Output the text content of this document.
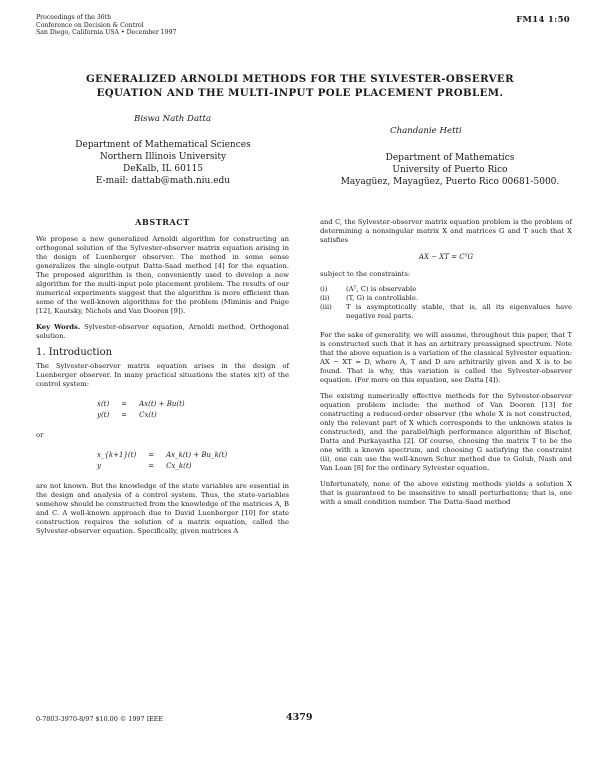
Proceedings of the 36th
Conference on Decision & Control
San Diego, California USA • December 1997
FM14 1:50
GENERALIZED ARNOLDI METHODS FOR THE SYLVESTER-OBSERVER
EQUATION AND THE MULTI-INPUT POLE PLACEMENT PROBLEM.
Biswa Nath Datta
Chandanie Hetti
Department of Mathematical Sciences
Northern Illinois University
DeKalb, IL 60115
E-mail: dattab@math.niu.edu
Department of Mathematics
University of Puerto Rico
Mayagüez, Mayagüez, Puerto Rico 00681-5000.
ABSTRACT

We propose a new generalized Arnoldi algorithm for constructing an orthogonal solution of the Sylvester-observer matrix equation arising in the design of Luenberger observer. The method in some sense generalizes the single-output Datta-Saad method [4] for the equation. The proposed algorithm is then, conveniently used to develop a new algorithm for the multi-input pole placement problem. The results of our numerical experiments suggest that the algorithm is more efficient than some of the well-known algorithms for the problem (Miminis and Paige [12], Kautsky, Nichols and Van Dooren [9]).

Key Words. Sylvester-observer equation, Arnoldi method, Orthogonal solution.

1. Introduction

The Sylvester-observer matrix equation arises in the design of Luenberger observer. In many practical situations the states x(t) of the control system:

ẋ(t)	=	Ax(t) + Bu(t)
y(t)	=	Cx(t)

or

x_{k+1}(t)	=	Ax_k(t) + Bu_k(t)
y	=	Cx_k(t)

are not known. But the knowledge of the state variables are essential in the design and analysis of a control system. Thus, the state-variables somehow should be constructed from the knowledge of the matrices A, B and C. A well-known approach due to David Luenberger [10] for state construction requires the solution of a matrix equation, called the Sylvester-observer equation. Specifically, given matrices A

and C, the Sylvester-observer matrix equation problem is the problem of determining a nonsingular matrix X and matrices G and T such that X satisfies

AX − XT = CᵀG

subject to the constraints:

(i)	(Aᵀ, C) is observable
(ii)	(T, G) is controllable.
(iii)	T is asymptotically stable, that is, all its eigenvalues have negative real parts.

For the sake of generality, we will assume, throughout this paper, that T is constructed such that it has an arbitrary preassigned spectrum. Note that the above equation is a variation of the classical Sylvester equation: AX − XT = D, where A, T and D are arbitrarily given and X is to be found. That is why, this variation is called the Sylvester-observer equation. (For more on this equation, see Datta [4]).

The existing numerically effective methods for the Sylvester-observer equation problem include: the method of Van Dooren [13] for constructing a reduced-order observer (the whole X is not constructed, only the relevant part of X which corresponds to the unknown states is constructed), and the parallel/high performance algorithm of Bischof, Datta and Purkayastha [2]. Of course, choosing the matrix T to be the one with a known spectrum, and choosing G satisfying the constraint (ii), one can use the well-known Schur method due to Golub, Nash and Van Loan [8] for the ordinary Sylvester equation.

Unfortunately, none of the above existing methods yields a solution X that is guaranteed to be insensitive to small perturbations; that is, one with a small condition number. The Datta-Saad method

0-7803-3970-8/97 $10.00 © 1997 IEEE	4379
